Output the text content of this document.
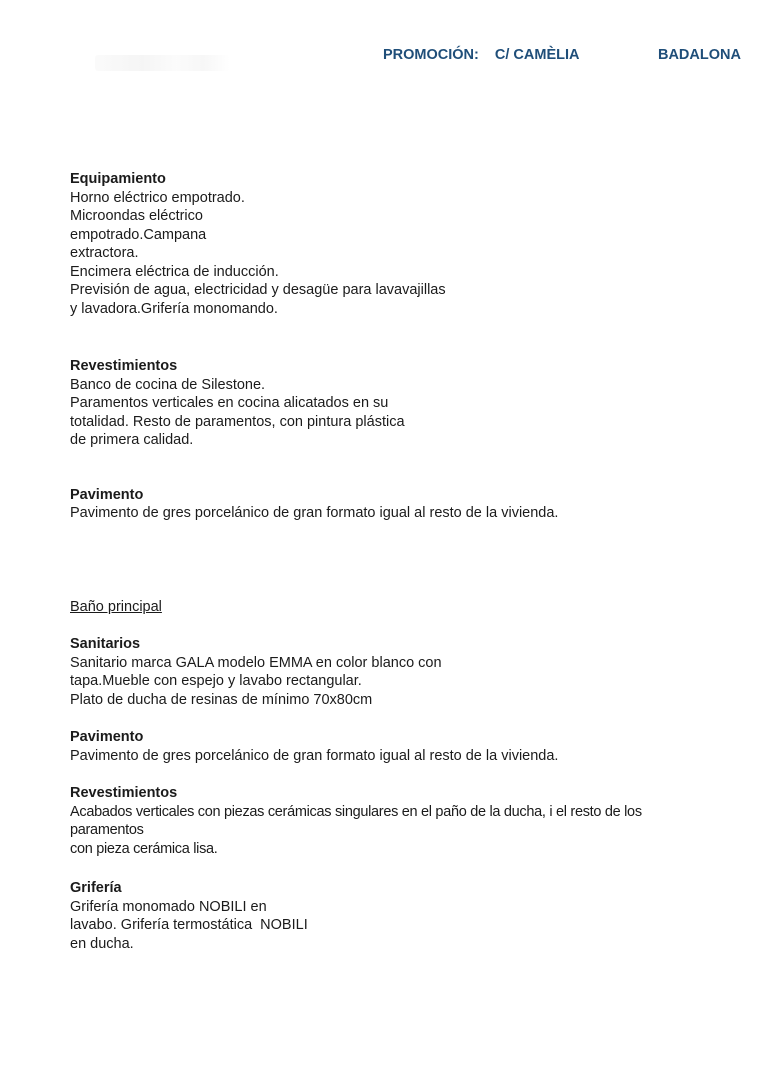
PROMOCIÓN: C/ CAMÈLIA	BADALONA
Equipamiento
Horno eléctrico empotrado.
Microondas eléctrico
empotrado.Campana
extractora.
Encimera eléctrica de inducción.
Previsión de agua, electricidad y desagüe para lavavajillas
y lavadora.Grifería monomando.
Revestimientos
Banco de cocina de Silestone.
Paramentos verticales en cocina alicatados en su
totalidad. Resto de paramentos, con pintura plástica
de primera calidad.
Pavimento
Pavimento de gres porcelánico de gran formato igual al resto de la vivienda.
Baño principal
Sanitarios
Sanitario marca GALA modelo EMMA en color blanco con
tapa.Mueble con espejo y lavabo rectangular.
Plato de ducha de resinas de mínimo 70x80cm
Pavimento
Pavimento de gres porcelánico de gran formato igual al resto de la vivienda.
Revestimientos
Acabados verticales con piezas cerámicas singulares en el paño de la ducha, i el resto de los paramentos
con pieza cerámica lisa.
Grifería
Grifería monomado NOBILI en
lavabo. Grifería termostática  NOBILI
en ducha.
